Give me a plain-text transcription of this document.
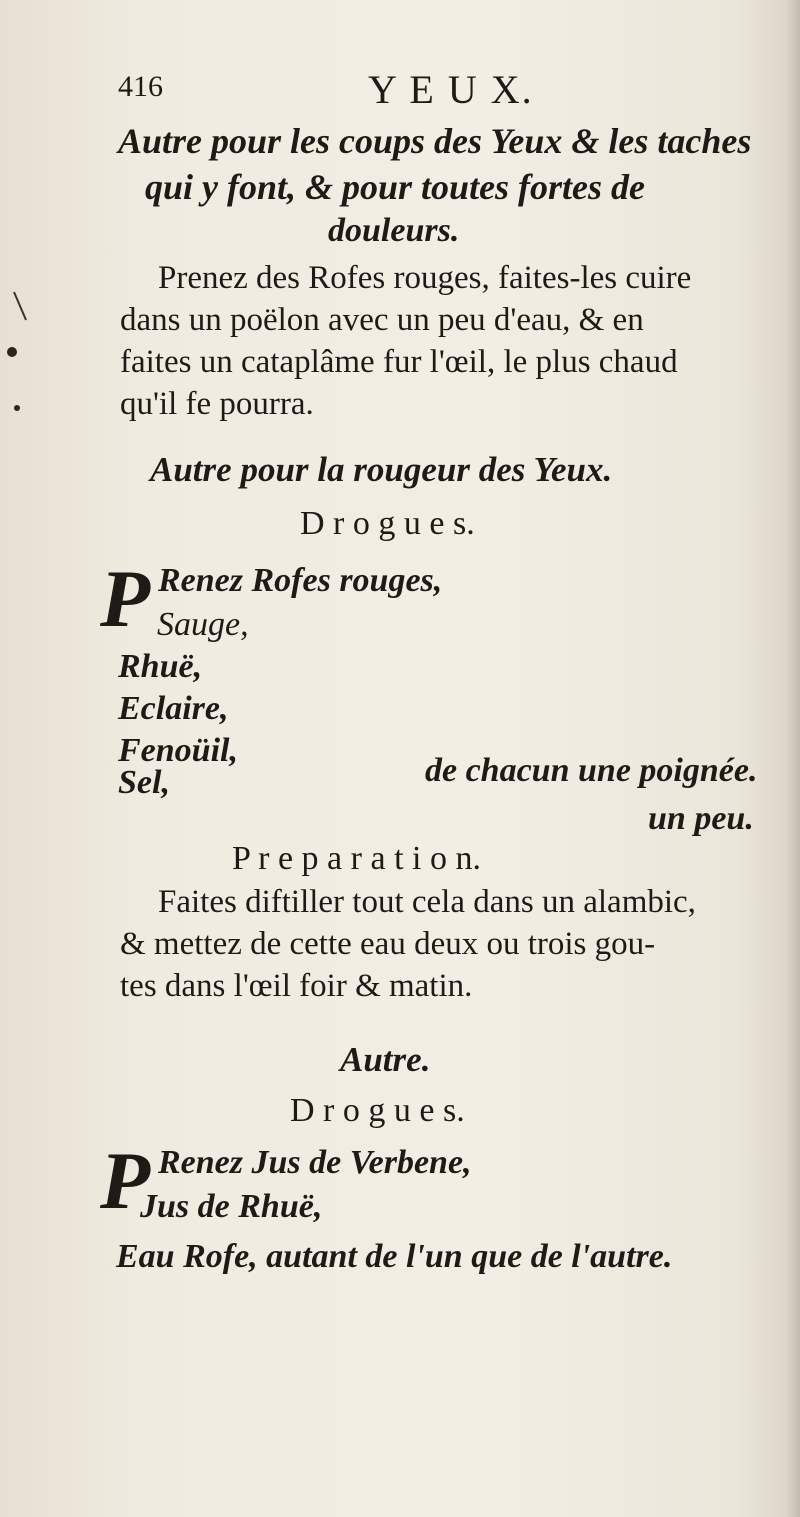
416	Y E U X.
Autre pour les coups des Yeux & les taches
qui y font, & pour toutes fortes de
douleurs.
Prenez des Rofes rouges, faites-les cuire
dans un poëlon avec un peu d'eau, & en
faites un cataplâme fur l'œil, le plus chaud
qu'il fe pourra.
Autre pour la rougeur des Yeux.
D r o g u e s.
P Renez Rofes rouges,
Sauge,
Rhuë,
Eclaire,
Fenoüil,
Sel,	de chacun une poignée.
un peu.
P r e p a r a t i o n.
Faites diftiller tout cela dans un alambic,
& mettez de cette eau deux ou trois gou-
tes dans l'œil foir & matin.
Autre.
D r o g u e s.
P Renez Jus de Verbene,
Jus de Rhuë,
Eau Rofe, autant de l'un que de l'autre.
